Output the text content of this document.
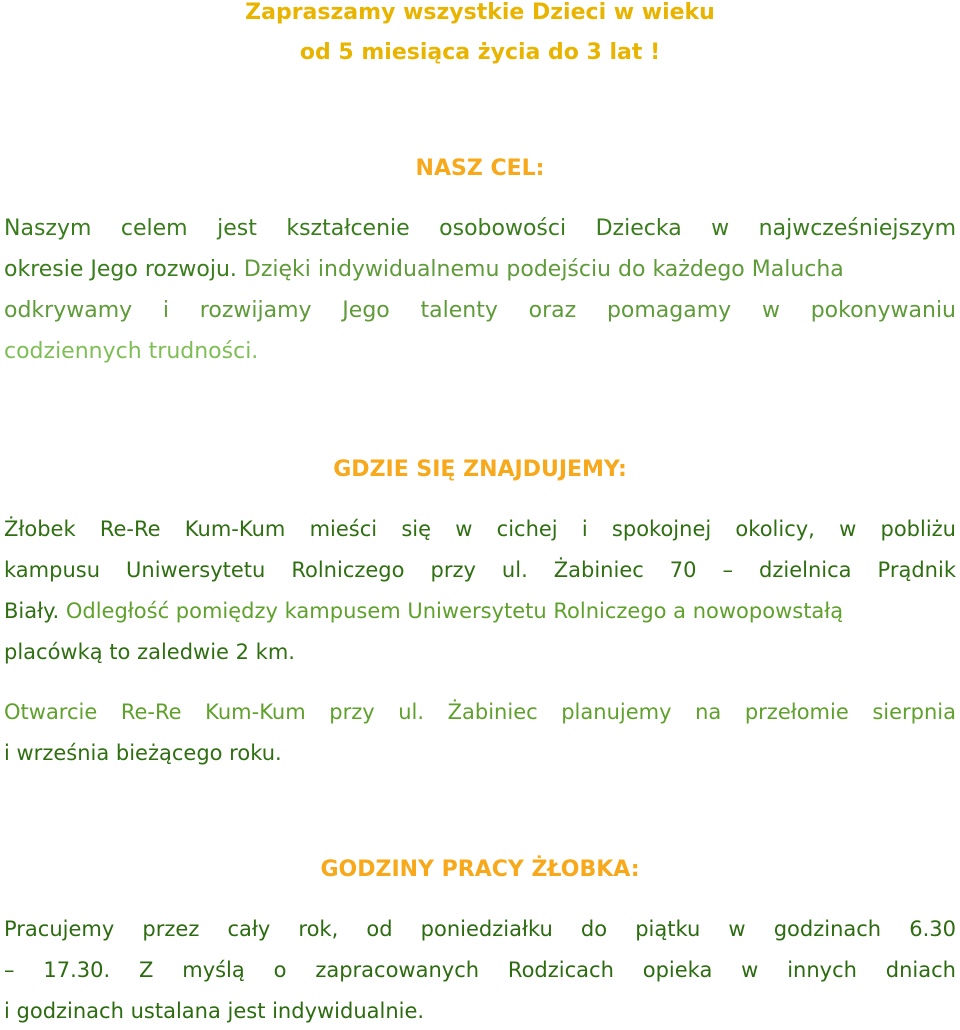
Zapraszamy wszystkie Dzieci w wieku
od 5 miesiąca życia do 3 lat !
NASZ CEL:
Naszym celem jest kształcenie osobowości Dziecka w najwcześniejszym
okresie Jego rozwoju. Dzięki indywidualnemu podejściu do każdego Malucha
odkrywamy i rozwijamy Jego talenty oraz pomagamy w pokonywaniu
codziennych trudności.
GDZIE SIĘ ZNAJDUJEMY:
Żłobek Re-Re Kum-Kum mieści się w cichej i spokojnej okolicy, w pobliżu
kampusu Uniwersytetu Rolniczego przy ul. Żabiniec 70 – dzielnica Prądnik
Biały. Odległość pomiędzy kampusem Uniwersytetu Rolniczego a nowopowstałą
placówką to zaledwie 2 km.
Otwarcie Re-Re Kum-Kum przy ul. Żabiniec planujemy na przełomie sierpnia
i września bieżącego roku.
GODZINY PRACY ŻŁOBKA:
Pracujemy przez cały rok, od poniedziałku do piątku w godzinach 6.30
– 17.30. Z myślą o zapracowanych Rodzicach opieka w innych dniach
i godzinach ustalana jest indywidualnie.
